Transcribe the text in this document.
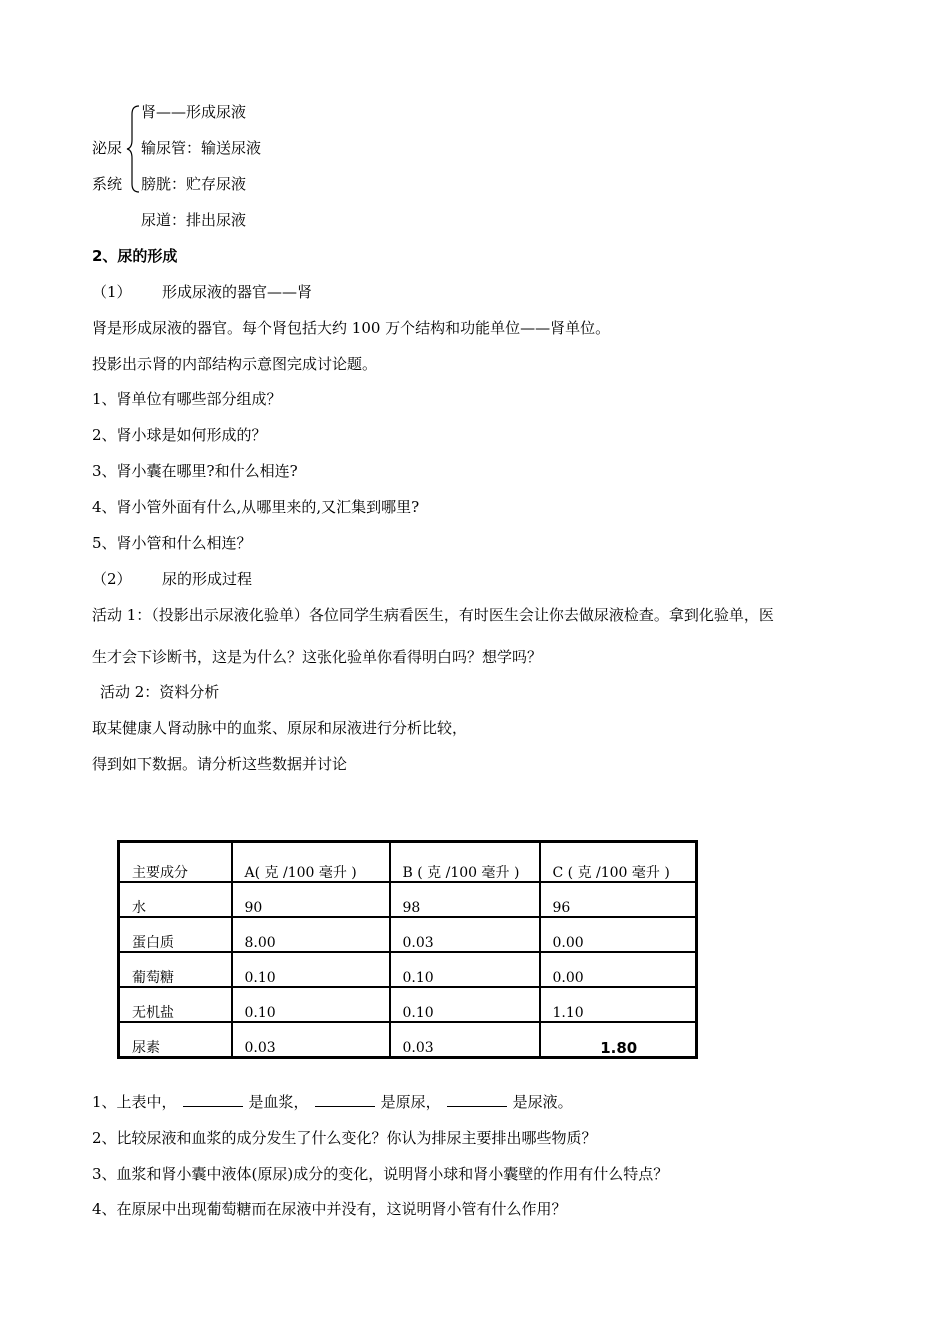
泌尿
系统
肾——形成尿液
输尿管：输送尿液
膀胱：贮存尿液
尿道：排出尿液
2、尿的形成
（1） 形成尿液的器官——肾
肾是形成尿液的器官。每个肾包括大约 100 万个结构和功能单位——肾单位。
投影出示肾的内部结构示意图完成讨论题。
1、肾单位有哪些部分组成？
2、肾小球是如何形成的？
3、肾小囊在哪里?和什么相连?
4、肾小管外面有什么,从哪里来的,又汇集到哪里?
5、肾小管和什么相连？
（2） 尿的形成过程
活动 1：（投影出示尿液化验单）各位同学生病看医生，有时医生会让你去做尿液检查。拿到化验单，医
生才会下诊断书，这是为什么？这张化验单你看得明白吗？想学吗？
活动 2：资料分析
取某健康人肾动脉中的血浆、原尿和尿液进行分析比较，
得到如下数据。请分析这些数据并讨论
主要成分	A( 克 /100 毫升 )	B ( 克 /100 毫升 )	C ( 克 /100 毫升 )
水	90	98	96
蛋白质	8.00	0.03	0.00
葡萄糖	0.10	0.10	0.00
无机盐	0.10	0.10	1.10
尿素	0.03	0.03	1.80
1、上表中，	是血浆，	是原尿，	是尿液。
2、比较尿液和血浆的成分发生了什么变化？你认为排尿主要排出哪些物质？
3、血浆和肾小囊中液体(原尿)成分的变化，说明肾小球和肾小囊壁的作用有什么特点？
4、在原尿中出现葡萄糖而在尿液中并没有，这说明肾小管有什么作用？
